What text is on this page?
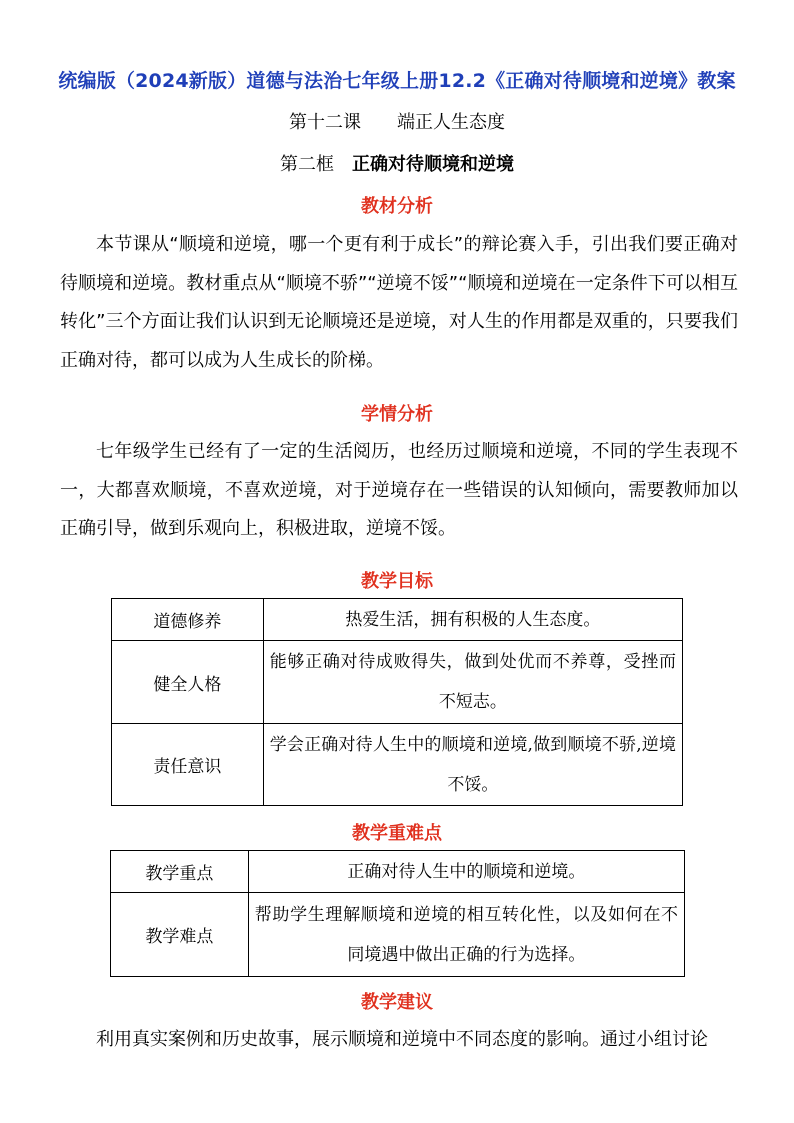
统编版（2024新版）道德与法治七年级上册12.2《正确对待顺境和逆境》教案
第十二课　　端正人生态度
第二框　正确对待顺境和逆境
教材分析
本节课从“顺境和逆境，哪一个更有利于成长”的辩论赛入手，引出我们要正确对待顺境和逆境。教材重点从“顺境不骄”“逆境不馁”“顺境和逆境在一定条件下可以相互转化”三个方面让我们认识到无论顺境还是逆境，对人生的作用都是双重的，只要我们正确对待，都可以成为人生成长的阶梯。
学情分析
七年级学生已经有了一定的生活阅历，也经历过顺境和逆境，不同的学生表现不一，大都喜欢顺境，不喜欢逆境，对于逆境存在一些错误的认知倾向，需要教师加以正确引导，做到乐观向上，积极进取，逆境不馁。
教学目标
道德修养	热爱生活，拥有积极的人生态度。
健全人格	能够正确对待成败得失，做到处优而不养尊，受挫而不短志。
责任意识	学会正确对待人生中的顺境和逆境,做到顺境不骄,逆境不馁。
教学重难点
教学重点	正确对待人生中的顺境和逆境。
教学难点	帮助学生理解顺境和逆境的相互转化性，以及如何在不同境遇中做出正确的行为选择。
教学建议
利用真实案例和历史故事，展示顺境和逆境中不同态度的影响。通过小组讨论
